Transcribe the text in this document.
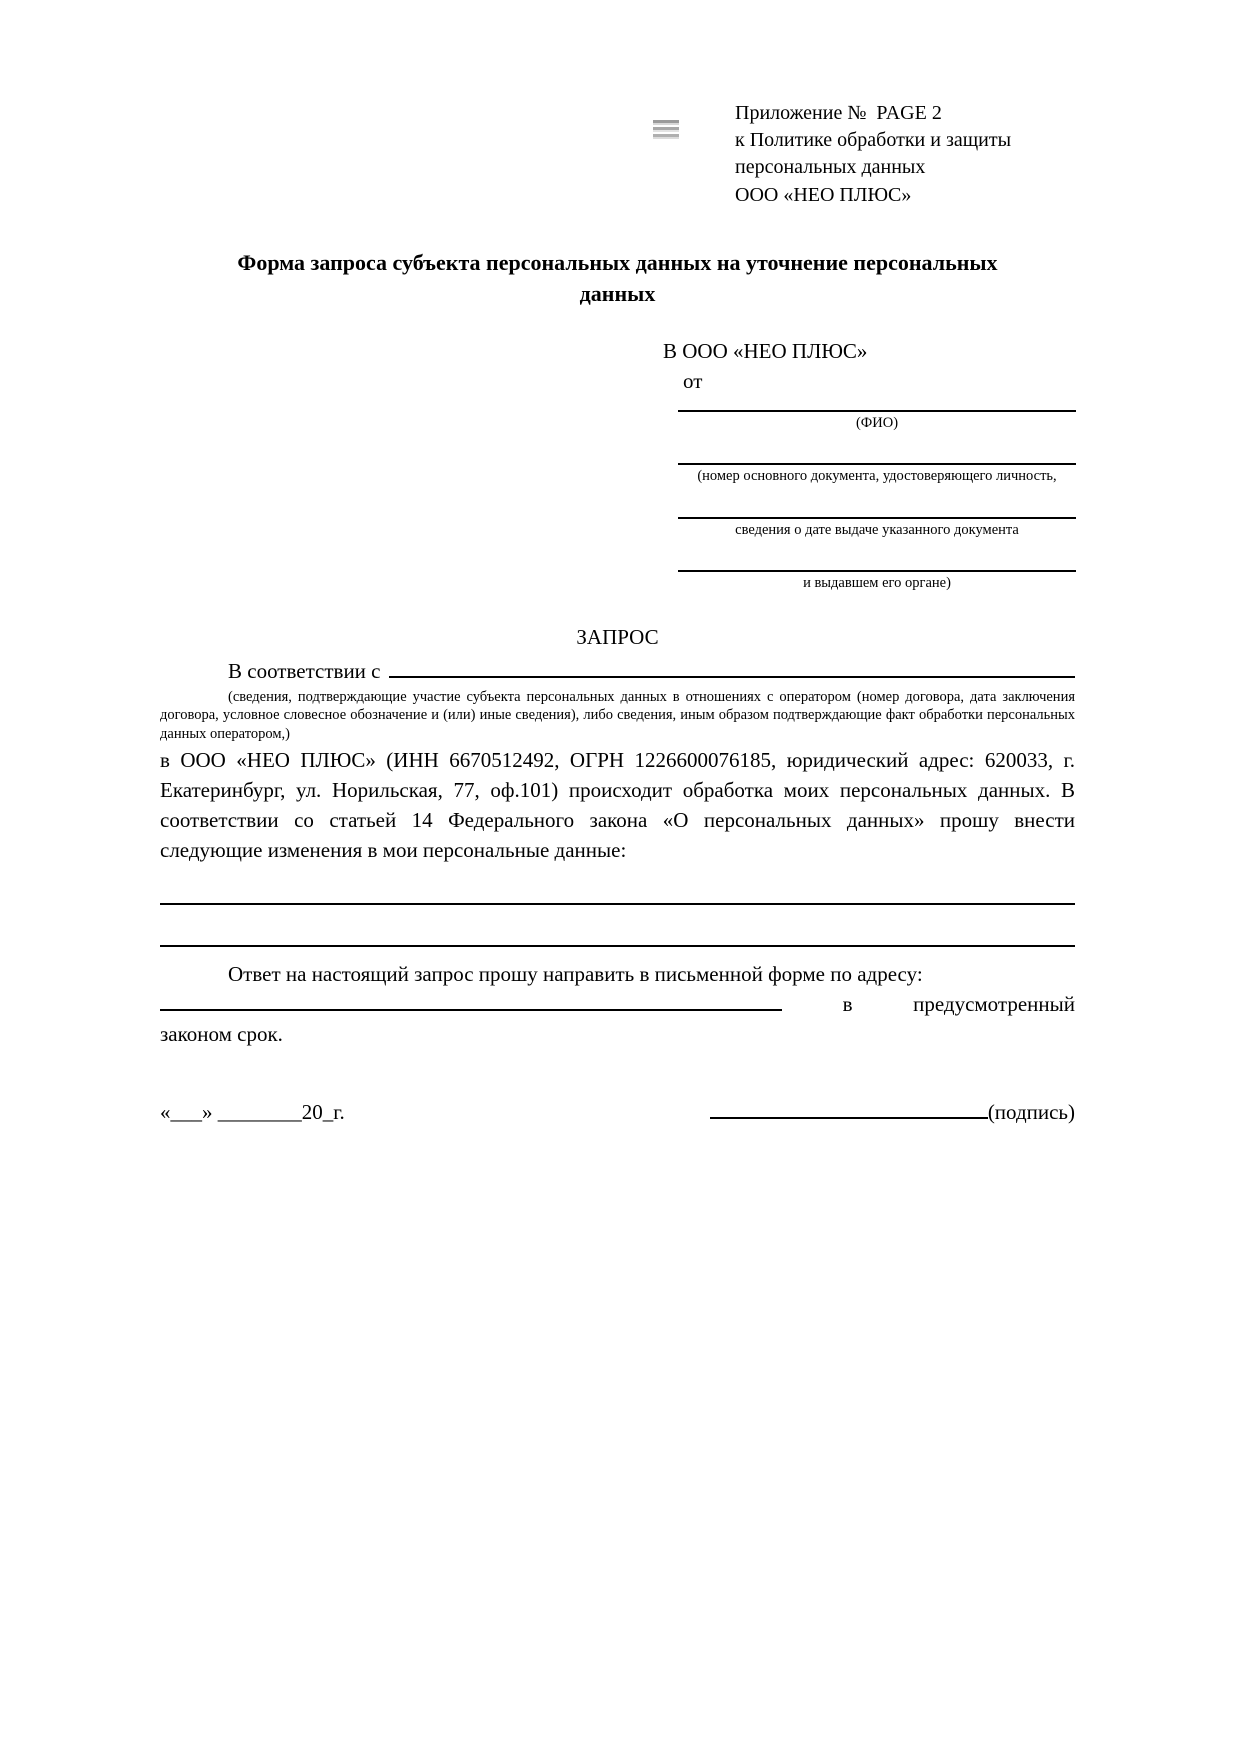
Приложение №  PAGE 2
к Политике обработки и защиты
персональных данных
ООО «НЕО ПЛЮС»
Форма запроса субъекта персональных данных на уточнение персональных данных
В ООО «НЕО ПЛЮС»
от
(ФИО)
(номер основного документа, удостоверяющего личность,
сведения о дате выдаче указанного документа
и выдавшем его органе)
ЗАПРОС
В соответствии с
(сведения, подтверждающие участие субъекта персональных данных в отношениях с оператором (номер договора, дата заключения договора, условное словесное обозначение и (или) иные сведения), либо сведения, иным образом подтверждающие факт обработки персональных данных оператором,)
в ООО «НЕО ПЛЮС» (ИНН 6670512492, ОГРН 1226600076185, юридический адрес: 620033, г. Екатеринбург, ул. Норильская, 77, оф.101) происходит обработка моих персональных данных. В соответствии со статьей 14 Федерального закона «О персональных данных» прошу внести следующие изменения в мои персональные данные:
Ответ на настоящий запрос прошу направить в письменной форме по адресу:
в	предусмотренный
законом срок.
«___» ________20_г.	(подпись)
